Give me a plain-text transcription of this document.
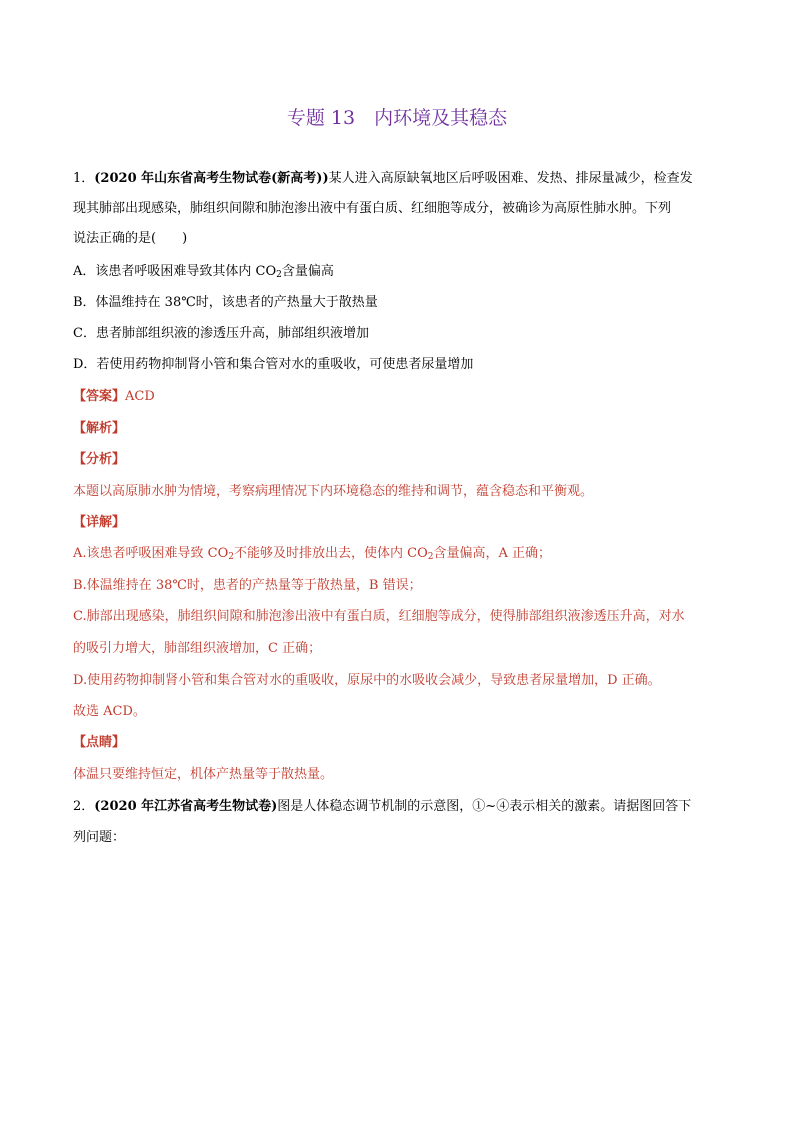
专题 13　内环境及其稳态
1．(2020 年山东省高考生物试卷(新高考))某人进入高原缺氧地区后呼吸困难、发热、排尿量减少，检查发
现其肺部出现感染，肺组织间隙和肺泡渗出液中有蛋白质、红细胞等成分，被确诊为高原性肺水肿。下列
说法正确的是(　　)
A．该患者呼吸困难导致其体内 $CO_2$含量偏高
B．体温维持在 38℃时，该患者的产热量大于散热量
C．患者肺部组织液的渗透压升高，肺部组织液增加
D．若使用药物抑制肾小管和集合管对水的重吸收，可使患者尿量增加
【答案】ACD
【解析】
【分析】
本题以高原肺水肿为情境，考察病理情况下内环境稳态的维持和调节，蕴含稳态和平衡观。
【详解】
A.该患者呼吸困难导致 $CO_2$不能够及时排放出去，使体内 $CO_2$含量偏高，A 正确；
B.体温维持在 38℃时，患者的产热量等于散热量，B 错误；
C.肺部出现感染，肺组织间隙和肺泡渗出液中有蛋白质，红细胞等成分，使得肺部组织液渗透压升高，对水
的吸引力增大，肺部组织液增加，C 正确；
D.使用药物抑制肾小管和集合管对水的重吸收，原尿中的水吸收会减少，导致患者尿量增加，D 正确。
故选 ACD。
【点睛】
体温只要维持恒定，机体产热量等于散热量。
2．(2020 年江苏省高考生物试卷)图是人体稳态调节机制的示意图，①~④表示相关的激素。请据图回答下
列问题：
